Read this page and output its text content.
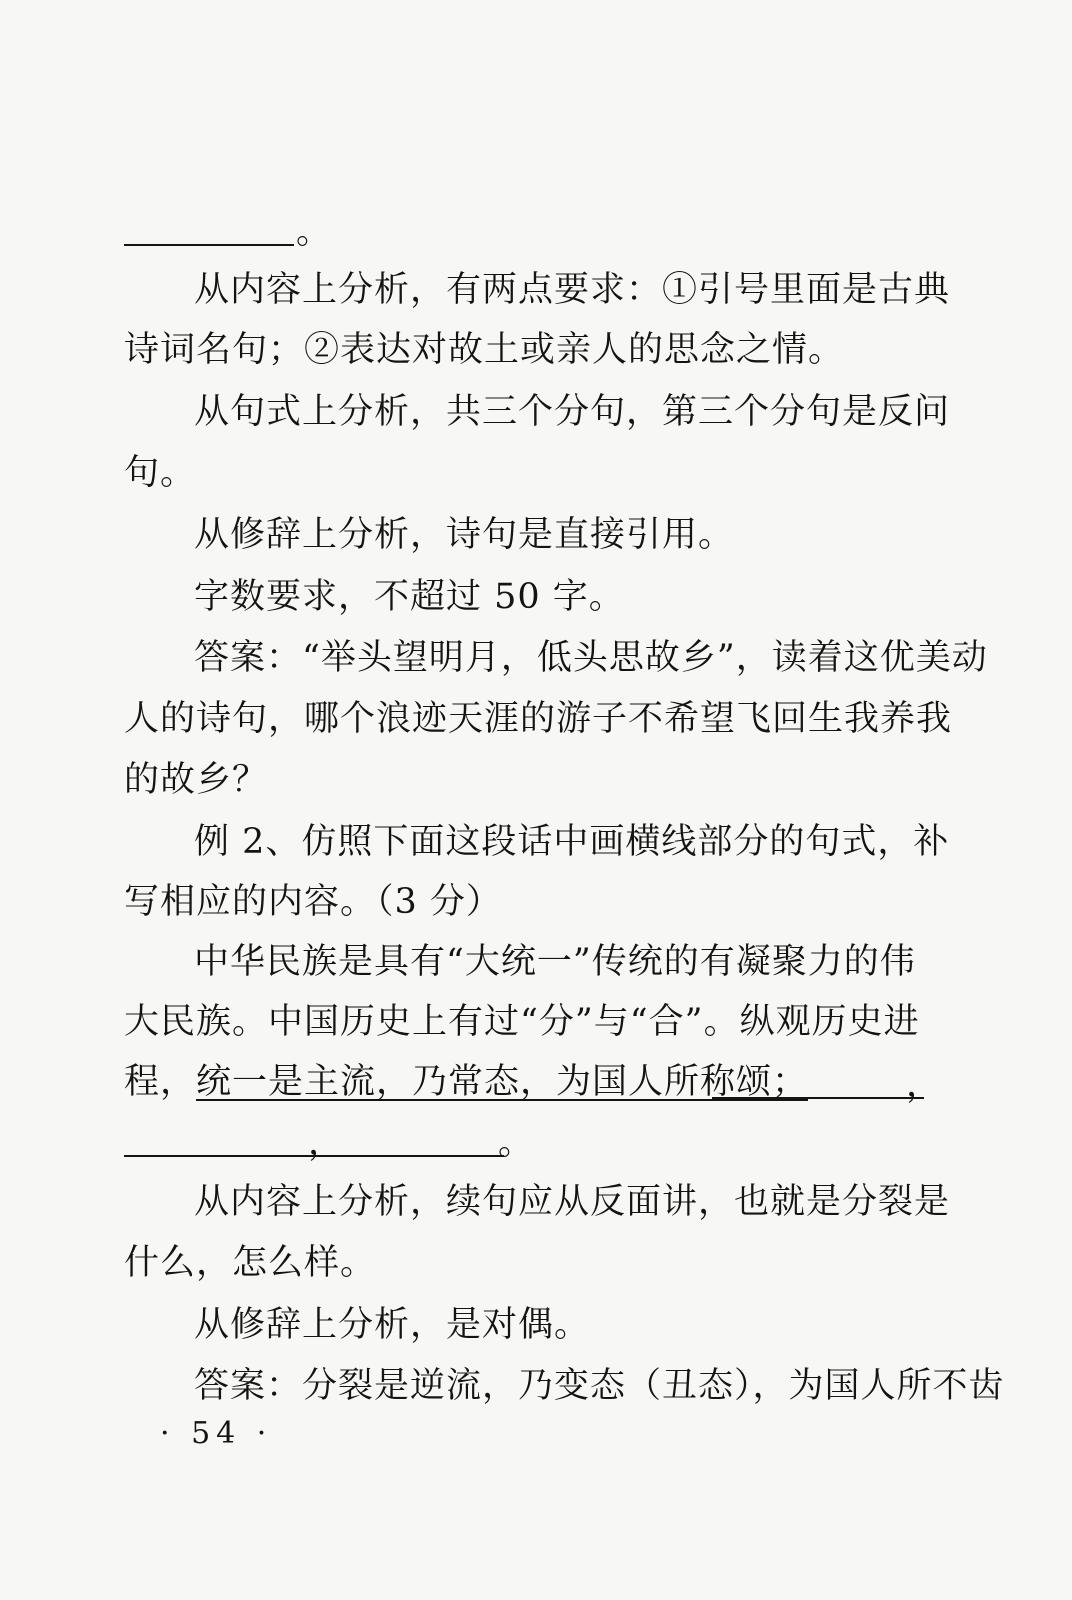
。
从内容上分析，有两点要求：①引号里面是古典
诗词名句；②表达对故土或亲人的思念之情。
从句式上分析，共三个分句，第三个分句是反问
句。
从修辞上分析，诗句是直接引用。
字数要求，不超过 50 字。
答案：“举头望明月，低头思故乡”，读着这优美动
人的诗句，哪个浪迹天涯的游子不希望飞回生我养我
的故乡？
例 2、仿照下面这段话中画横线部分的句式，补
写相应的内容。（3 分）
中华民族是具有“大统一”传统的有凝聚力的伟
大民族。中国历史上有过“分”与“合”。纵观历史进
程，统一是主流，乃常态，为国人所称颂；	，
，	。
从内容上分析，续句应从反面讲，也就是分裂是
什么，怎么样。
从修辞上分析，是对偶。
答案：分裂是逆流，乃变态（丑态），为国人所不齿
· 54 ·
